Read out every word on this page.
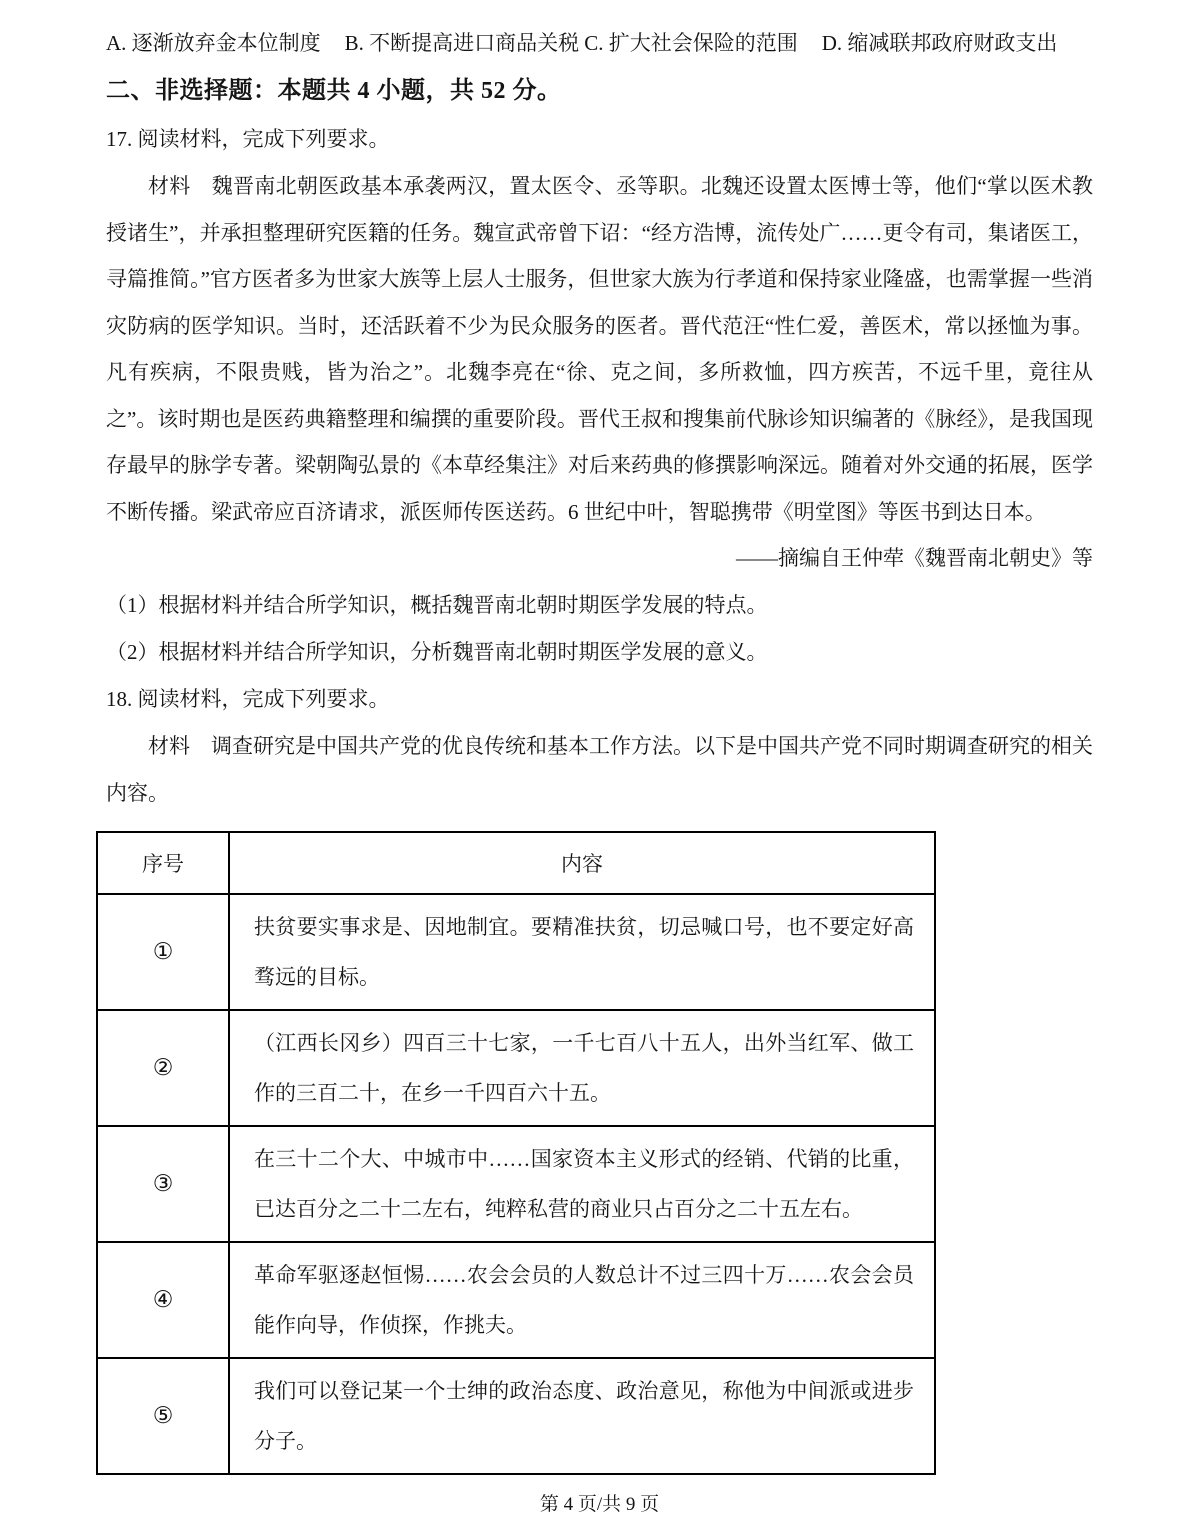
A. 逐渐放弃金本位制度 B. 不断提高进口商品关税 C. 扩大社会保险的范围 D. 缩减联邦政府财政支出
二、非选择题：本题共 4 小题，共 52 分。

17. 阅读材料，完成下列要求。

材料　魏晋南北朝医政基本承袭两汉，置太医令、丞等职。北魏还设置太医博士等，他们“掌以医术教授诸生”，并承担整理研究医籍的任务。魏宣武帝曾下诏：“经方浩博，流传处广……更令有司，集诸医工，寻篇推简。”官方医者多为世家大族等上层人士服务，但世家大族为行孝道和保持家业隆盛，也需掌握一些消灾防病的医学知识。当时，还活跃着不少为民众服务的医者。晋代范汪“性仁爱，善医术，常以拯恤为事。凡有疾病，不限贵贱，皆为治之”。北魏李亮在“徐、克之间，多所救恤，四方疾苦，不远千里，竟往从之”。该时期也是医药典籍整理和编撰的重要阶段。晋代王叔和搜集前代脉诊知识编著的《脉经》，是我国现存最早的脉学专著。梁朝陶弘景的《本草经集注》对后来药典的修撰影响深远。随着对外交通的拓展，医学不断传播。梁武帝应百济请求，派医师传医送药。6 世纪中叶，智聪携带《明堂图》等医书到达日本。

——摘编自王仲荦《魏晋南北朝史》等

（1）根据材料并结合所学知识，概括魏晋南北朝时期医学发展的特点。

（2）根据材料并结合所学知识，分析魏晋南北朝时期医学发展的意义。

18. 阅读材料，完成下列要求。

材料　调查研究是中国共产党的优良传统和基本工作方法。以下是中国共产党不同时期调查研究的相关内容。

序号	内容
①	扶贫要实事求是、因地制宜。要精准扶贫，切忌喊口号，也不要定好高骛远的目标。
②	（江西长冈乡）四百三十七家，一千七百八十五人，出外当红军、做工作的三百二十，在乡一千四百六十五。
③	在三十二个大、中城市中……国家资本主义形式的经销、代销的比重，已达百分之二十二左右，纯粹私营的商业只占百分之二十五左右。
④	革命军驱逐赵恒惕……农会会员的人数总计不过三四十万……农会会员能作向导，作侦探，作挑夫。
⑤	我们可以登记某一个士绅的政治态度、政治意见，称他为中间派或进步分子。
第 4 页/共 9 页
